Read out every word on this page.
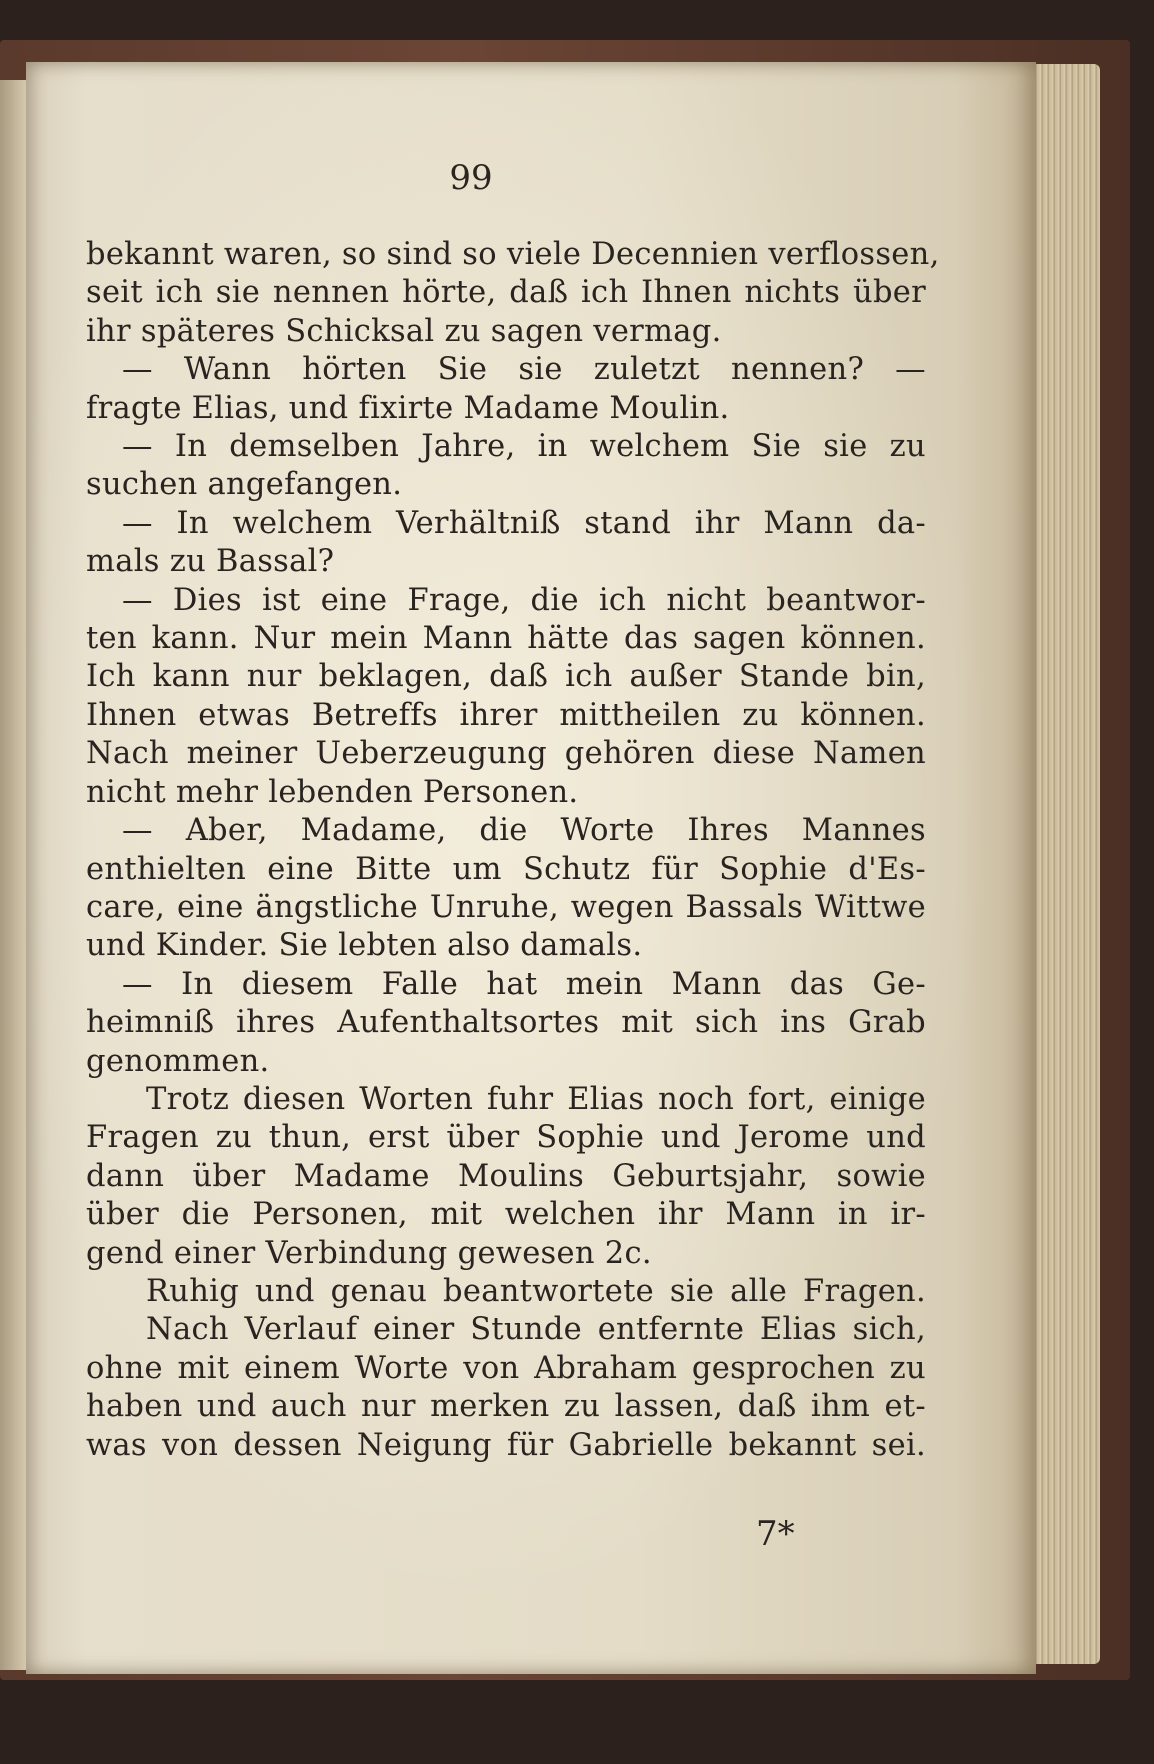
99
bekannt waren, so sind so viele Decennien verflossen,
seit ich sie nennen hörte, daß ich Ihnen nichts über
ihr späteres Schicksal zu sagen vermag.
— Wann hörten Sie sie zuletzt nennen? —
fragte Elias, und fixirte Madame Moulin.
— In demselben Jahre, in welchem Sie sie zu
suchen angefangen.
— In welchem Verhältniß stand ihr Mann da-
mals zu Bassal?
— Dies ist eine Frage, die ich nicht beantwor-
ten kann. Nur mein Mann hätte das sagen können.
Ich kann nur beklagen, daß ich außer Stande bin,
Ihnen etwas Betreffs ihrer mittheilen zu können.
Nach meiner Ueberzeugung gehören diese Namen
nicht mehr lebenden Personen.
— Aber, Madame, die Worte Ihres Mannes
enthielten eine Bitte um Schutz für Sophie d'Es-
care, eine ängstliche Unruhe, wegen Bassals Wittwe
und Kinder. Sie lebten also damals.
— In diesem Falle hat mein Mann das Ge-
heimniß ihres Aufenthaltsortes mit sich ins Grab
genommen.
Trotz diesen Worten fuhr Elias noch fort, einige
Fragen zu thun, erst über Sophie und Jerome und
dann über Madame Moulins Geburtsjahr, sowie
über die Personen, mit welchen ihr Mann in ir-
gend einer Verbindung gewesen 2c.
Ruhig und genau beantwortete sie alle Fragen.
Nach Verlauf einer Stunde entfernte Elias sich,
ohne mit einem Worte von Abraham gesprochen zu
haben und auch nur merken zu lassen, daß ihm et-
was von dessen Neigung für Gabrielle bekannt sei.
7*
